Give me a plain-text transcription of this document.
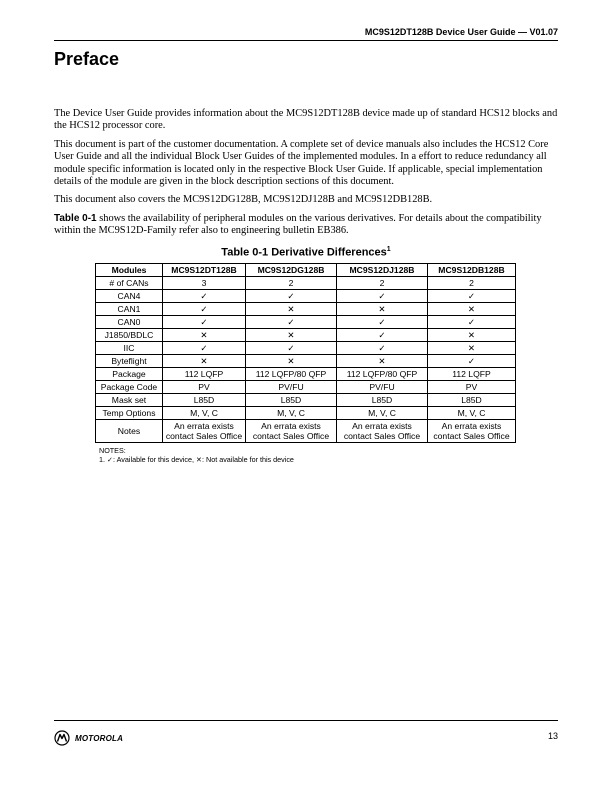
MC9S12DT128B Device User Guide — V01.07
Preface

The Device User Guide provides information about the MC9S12DT128B device made up of standard HCS12 blocks and the HCS12 processor core.

This document is part of the customer documentation. A complete set of device manuals also includes the HCS12 Core User Guide and all the individual Block User Guides of the implemented modules. In a effort to reduce redundancy all module specific information is located only in the respective Block User Guide. If applicable, special implementation details of the module are given in the block description sections of this document.

This document also covers the MC9S12DG128B, MC9S12DJ128B and MC9S12DB128B.

Table 0-1 shows the availability of peripheral modules on the various derivatives. For details about the compatibility within the MC9S12D-Family refer also to engineering bulletin EB386.

Table 0-1 Derivative Differences$^1$
Modules	MC9S12DT128B	MC9S12DG128B	MC9S12DJ128B	MC9S12DB128B
# of CANs	3	2	2	2
CAN4	✓	✓	✓	✓
CAN1	✓	✕	✕	✕
CAN0	✓	✓	✓	✓
J1850/BDLC	✕	✕	✓	✕
IIC	✓	✓	✓	✕
Byteflight	✕	✕	✕	✓
Package	112 LQFP	112 LQFP/80 QFP	112 LQFP/80 QFP	112 LQFP
Package Code	PV	PV/FU	PV/FU	PV
Mask set	L85D	L85D	L85D	L85D
Temp Options	M, V, C	M, V, C	M, V, C	M, V, C
Notes	An errata exists contact Sales Office	An errata exists contact Sales Office	An errata exists contact Sales Office	An errata exists contact Sales Office
NOTES:
1. ✓: Available for this device, ✕: Not available for this device
MOTOROLA	13
